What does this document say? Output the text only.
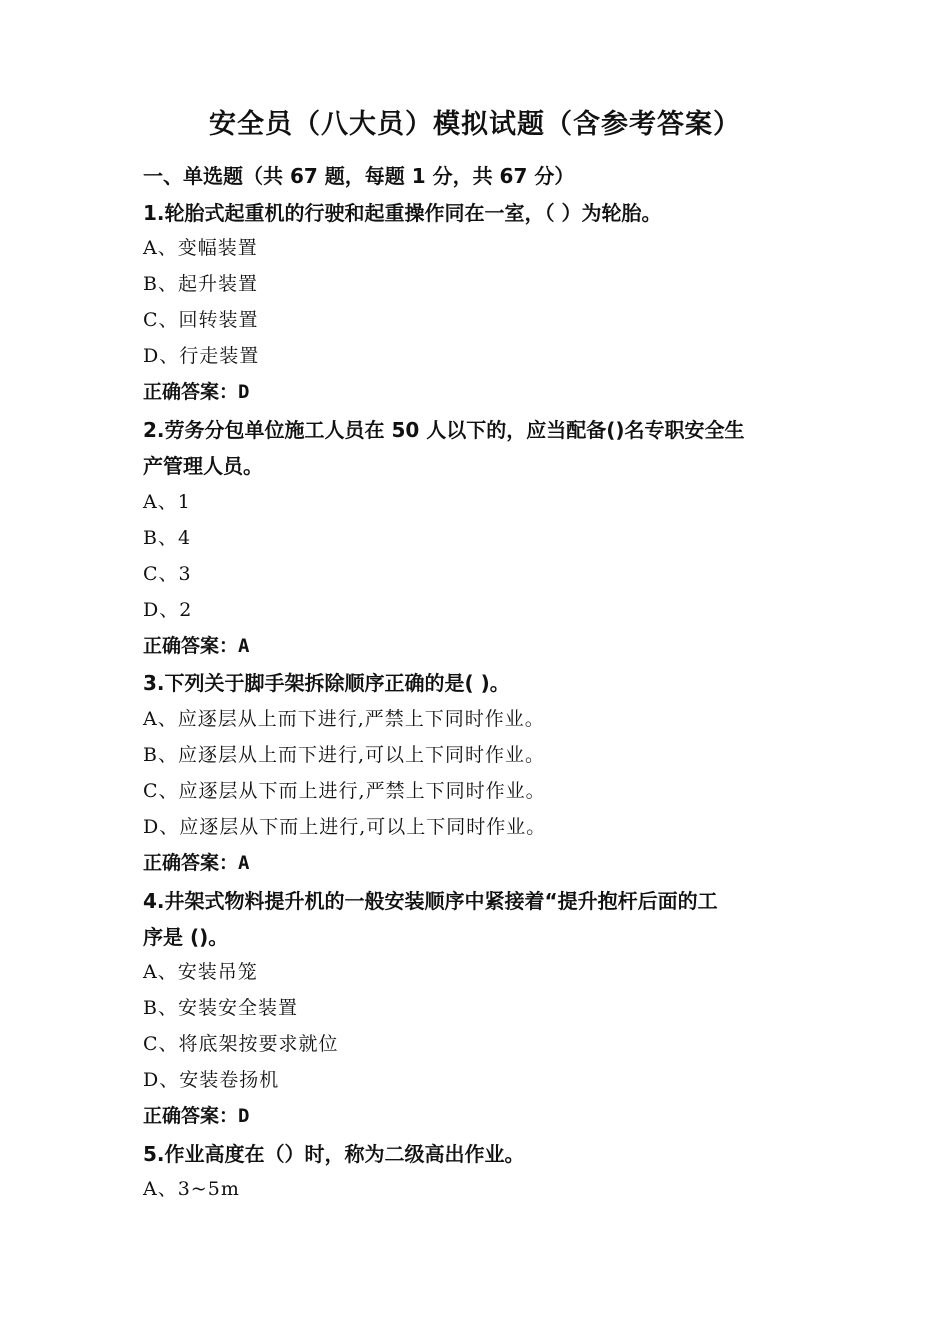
安全员（八大员）模拟试题（含参考答案）
一、单选题（共 67 题，每题 1 分，共 67 分）
1.轮胎式起重机的行驶和起重操作同在一室，（ ）为轮胎。
A、变幅装置
B、起升装置
C、回转装置
D、行走装置
正确答案：D
2.劳务分包单位施工人员在 50 人以下的，应当配备()名专职安全生
产管理人员。
A、1
B、4
C、3
D、2
正确答案：A
3.下列关于脚手架拆除顺序正确的是( )。
A、应逐层从上而下进行,严禁上下同时作业。
B、应逐层从上而下进行,可以上下同时作业。
C、应逐层从下而上进行,严禁上下同时作业。
D、应逐层从下而上进行,可以上下同时作业。
正确答案：A
4.井架式物料提升机的一般安装顺序中紧接着“提升抱杆后面的工
序是 ()。
A、安装吊笼
B、安装安全装置
C、将底架按要求就位
D、安装卷扬机
正确答案：D
5.作业高度在（）时，称为二级高出作业。
A、3~5m
